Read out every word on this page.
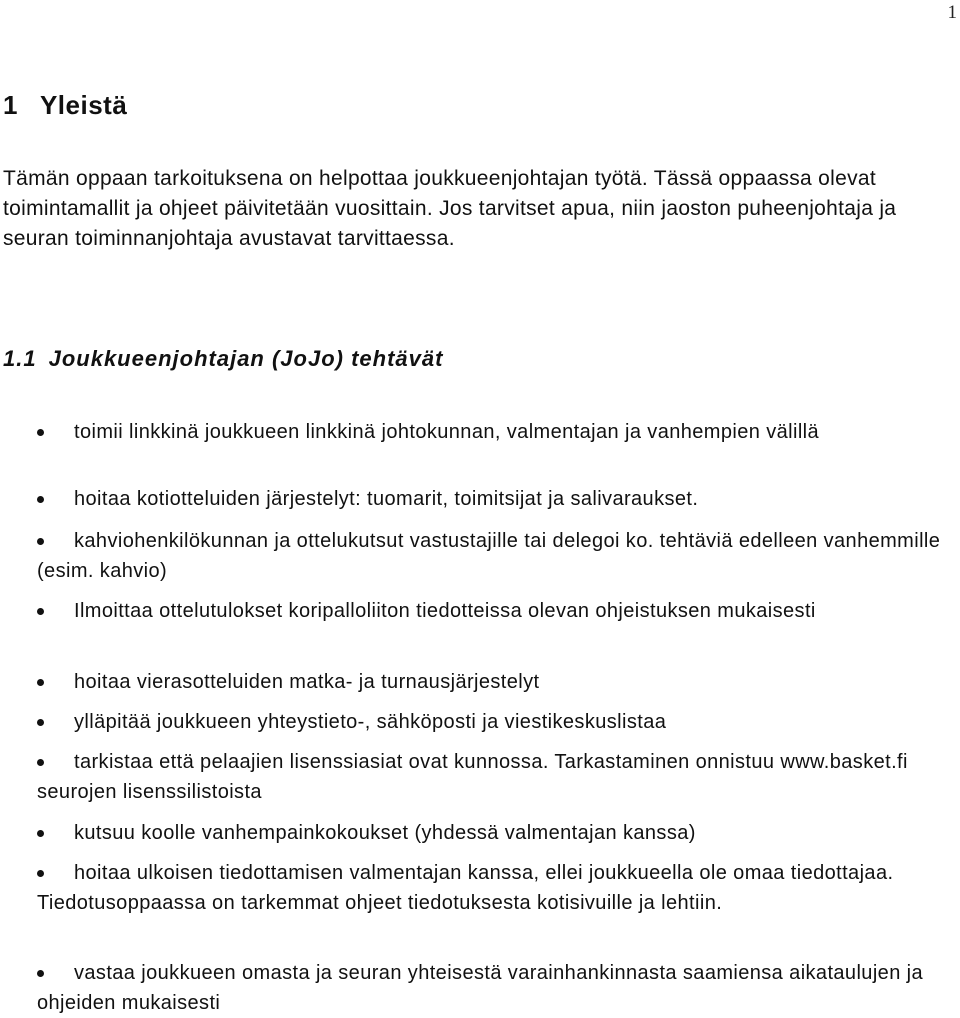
1
1 Yleistä

Tämän oppaan tarkoituksena on helpottaa joukkueenjohtajan työtä. Tässä oppaassa olevat toimintamallit ja ohjeet päivitetään vuosittain. Jos tarvitset apua, niin jaoston puheenjohtaja ja seuran toiminnanjohtaja avustavat tarvittaessa.

1.1 Joukkueenjohtajan (JoJo) tehtävät
toimii linkkinä joukkueen linkkinä johtokunnan, valmentajan ja vanhempien välillä
hoitaa kotiotteluiden järjestelyt: tuomarit, toimitsijat ja salivaraukset.
kahviohenkilökunnan ja ottelukutsut vastustajille tai delegoi ko. tehtäviä edelleen vanhemmille (esim. kahvio)
Ilmoittaa ottelutulokset koripalloliiton tiedotteissa olevan ohjeistuksen mukaisesti
hoitaa vierasotteluiden matka- ja turnausjärjestelyt
ylläpitää joukkueen yhteystieto-, sähköposti ja viestikeskuslistaa
tarkistaa että pelaajien lisenssiasiat ovat kunnossa. Tarkastaminen onnistuu www.basket.fi seurojen lisenssilistoista
kutsuu koolle vanhempainkokoukset (yhdessä valmentajan kanssa)
hoitaa ulkoisen tiedottamisen valmentajan kanssa, ellei joukkueella ole omaa tiedottajaa. Tiedotusoppaassa on tarkemmat ohjeet tiedotuksesta kotisivuille ja lehtiin.
vastaa joukkueen omasta ja seuran yhteisestä varainhankinnasta saamiensa aikataulujen ja ohjeiden mukaisesti
